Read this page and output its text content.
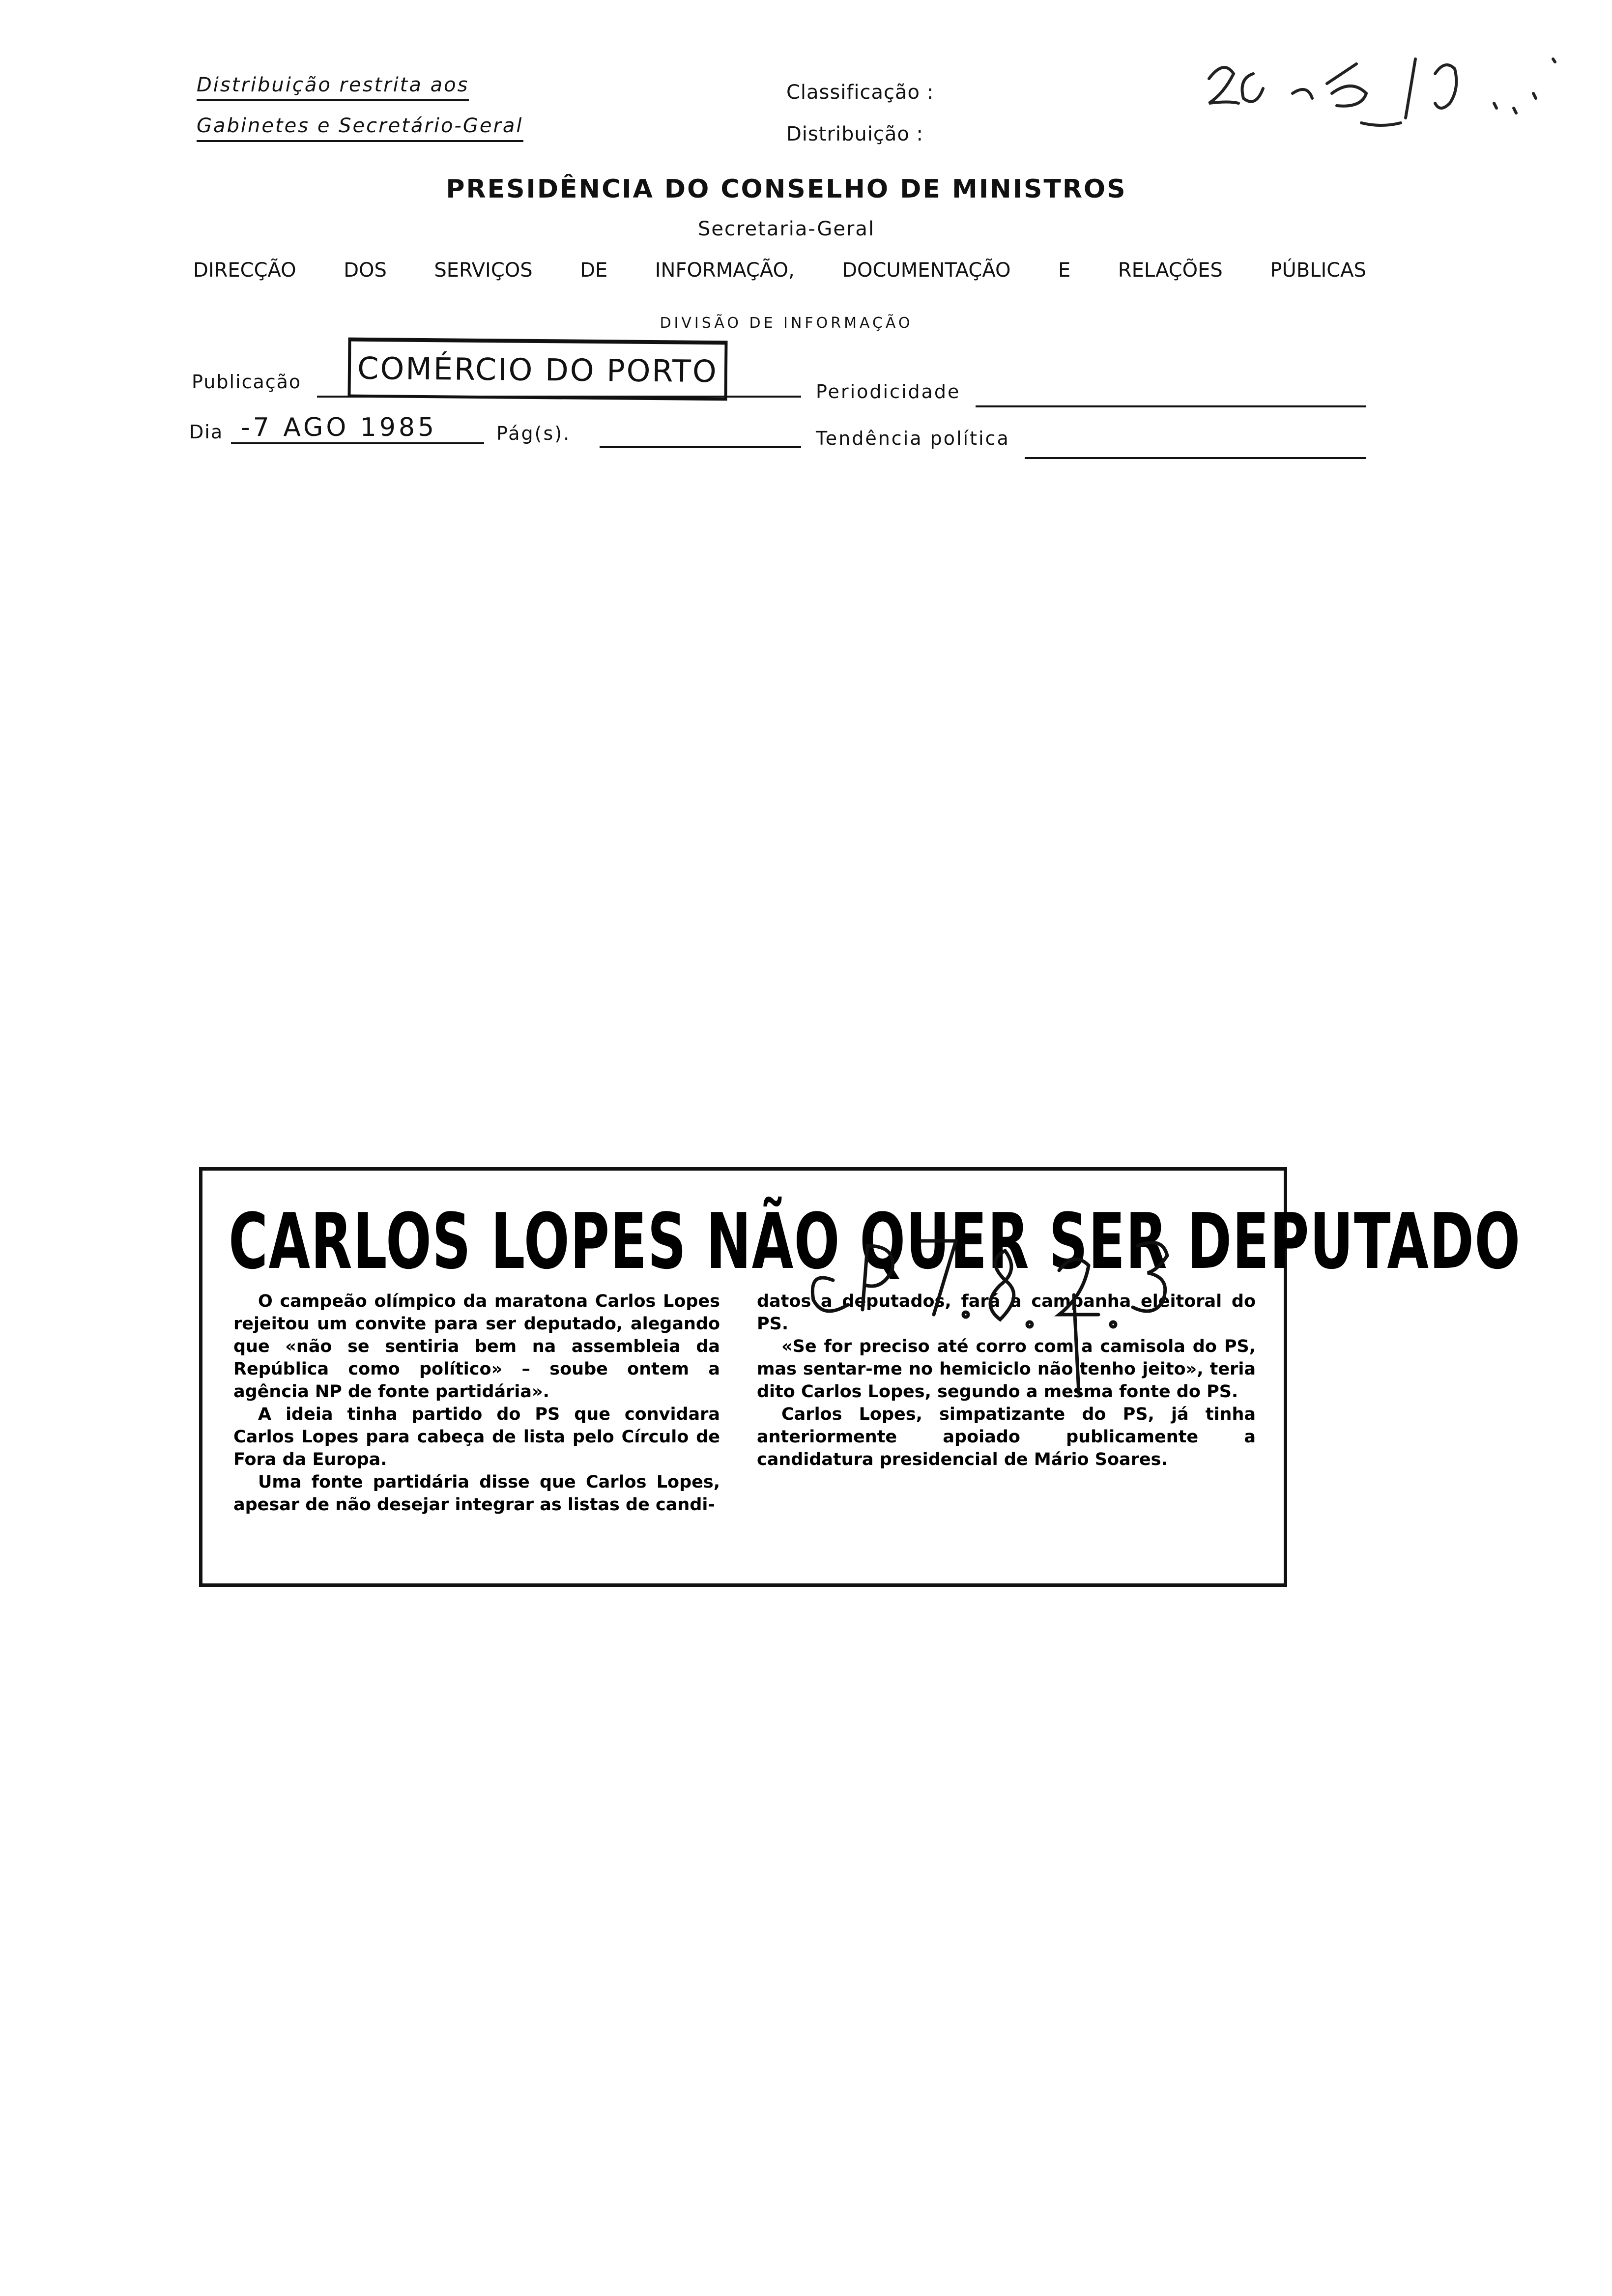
Distribuição restrita aos
Gabinetes e Secretário-Geral
Classificação :
Distribuição :
PRESIDÊNCIA DO CONSELHO DE MINISTROS
Secretaria-Geral
DIRECÇÃO DOS SERVIÇOS DE INFORMAÇÃO, DOCUMENTAÇÃO E RELAÇÕES PÚBLICAS
DIVISÃO DE INFORMAÇÃO
Publicação	COMÉRCIO DO PORTO
Periodicidade
Dia -7 AGO 1985	Pág(s).	Tendência política
CARLOS LOPES NÃO QUER SER DEPUTADO

O campeão olímpico da maratona Carlos Lopes rejeitou um convite para ser deputado, alegando que «não se sentiria bem na assembleia da República como político» – soube ontem a agência NP de fonte partidária».

A ideia tinha partido do PS que convidara Carlos Lopes para cabeça de lista pelo Círculo de Fora da Europa.

Uma fonte partidária disse que Carlos Lopes, apesar de não desejar integrar as listas de candi-

datos a deputados, fará a campanha eleitoral do PS.

«Se for preciso até corro com a camisola do PS, mas sentar-me no hemiciclo não tenho jeito», teria dito Carlos Lopes, segundo a mesma fonte do PS.

Carlos Lopes, simpatizante do PS, já tinha anteriormente apoiado publicamente a candidatura presidencial de Mário Soares.
